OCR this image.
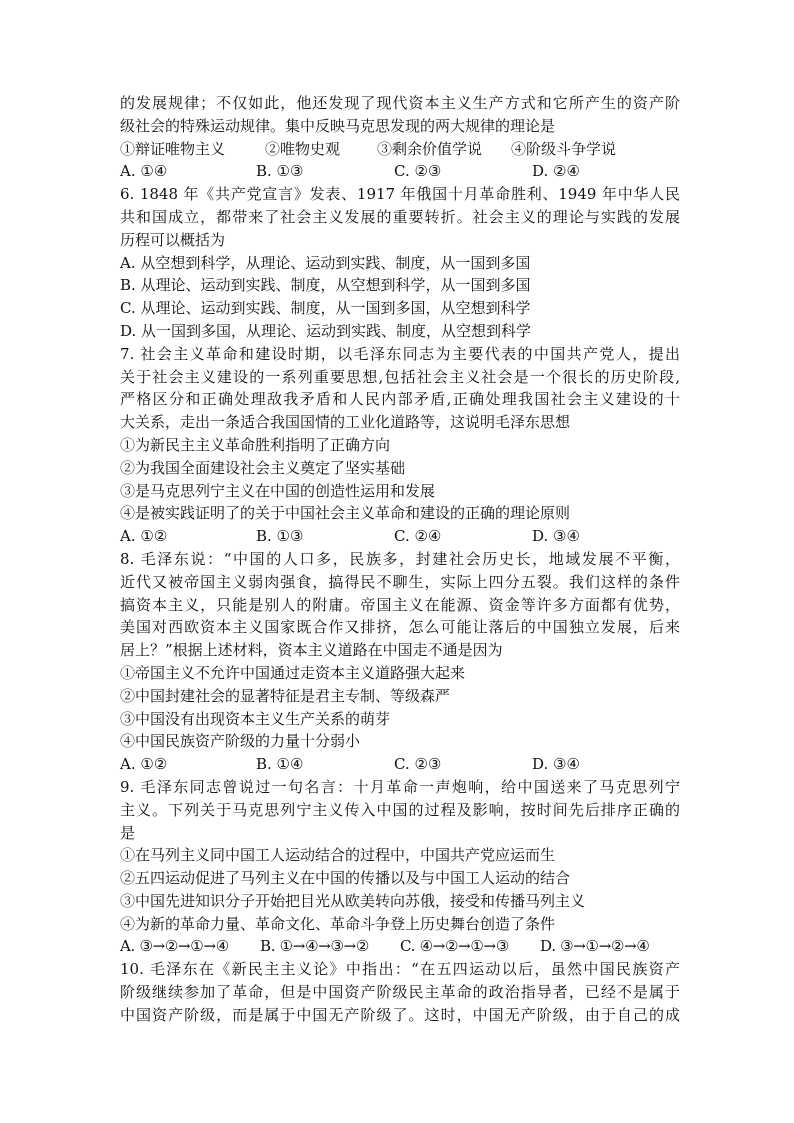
的发展规律；不仅如此，他还发现了现代资本主义生产方式和它所产生的资产阶
级社会的特殊运动规律。集中反映马克思发现的两大规律的理论是
①辩证唯物主义	②唯物史观	③剩余价值学说	④阶级斗争学说
A. ①④	B. ①③	C. ②③	D. ②④
6. 1848 年《共产党宣言》发表、1917 年俄国十月革命胜利、1949 年中华人民
共和国成立，都带来了社会主义发展的重要转折。社会主义的理论与实践的发展
历程可以概括为
A. 从空想到科学，从理论、运动到实践、制度，从一国到多国
B. 从理论、运动到实践、制度，从空想到科学，从一国到多国
C. 从理论、运动到实践、制度，从一国到多国，从空想到科学
D. 从一国到多国，从理论、运动到实践、制度，从空想到科学
7. 社会主义革命和建设时期，以毛泽东同志为主要代表的中国共产党人，提出
关于社会主义建设的一系列重要思想,包括社会主义社会是一个很长的历史阶段,
严格区分和正确处理敌我矛盾和人民内部矛盾,正确处理我国社会主义建设的十
大关系，走出一条适合我国国情的工业化道路等，这说明毛泽东思想
①为新民主主义革命胜利指明了正确方向
②为我国全面建设社会主义奠定了坚实基础
③是马克思列宁主义在中国的创造性运用和发展
④是被实践证明了的关于中国社会主义革命和建设的正确的理论原则
A. ①②	B. ①③	C. ②④	D. ③④
8. 毛泽东说：“中国的人口多，民族多，封建社会历史长，地域发展不平衡，
近代又被帝国主义弱肉强食，搞得民不聊生，实际上四分五裂。我们这样的条件
搞资本主义，只能是别人的附庸。帝国主义在能源、资金等许多方面都有优势，
美国对西欧资本主义国家既合作又排挤，怎么可能让落后的中国独立发展，后来
居上？”根据上述材料，资本主义道路在中国走不通是因为
①帝国主义不允许中国通过走资本主义道路强大起来
②中国封建社会的显著特征是君主专制、等级森严
③中国没有出现资本主义生产关系的萌芽
④中国民族资产阶级的力量十分弱小
A. ①②	B. ①④	C. ②③	D. ③④
9. 毛泽东同志曾说过一句名言：十月革命一声炮响，给中国送来了马克思列宁
主义。下列关于马克思列宁主义传入中国的过程及影响，按时间先后排序正确的
是
①在马列主义同中国工人运动结合的过程中，中国共产党应运而生
②五四运动促进了马列主义在中国的传播以及与中国工人运动的结合
③中国先进知识分子开始把目光从欧美转向苏俄，接受和传播马列主义
④为新的革命力量、革命文化、革命斗争登上历史舞台创造了条件
A. ③→②→①→④	B. ①→④→③→②	C. ④→②→①→③	D. ③→①→②→④
10. 毛泽东在《新民主主义论》中指出：“在五四运动以后，虽然中国民族资产
阶级继续参加了革命，但是中国资产阶级民主革命的政治指导者，已经不是属于
中国资产阶级，而是属于中国无产阶级了。这时，中国无产阶级，由于自己的成
